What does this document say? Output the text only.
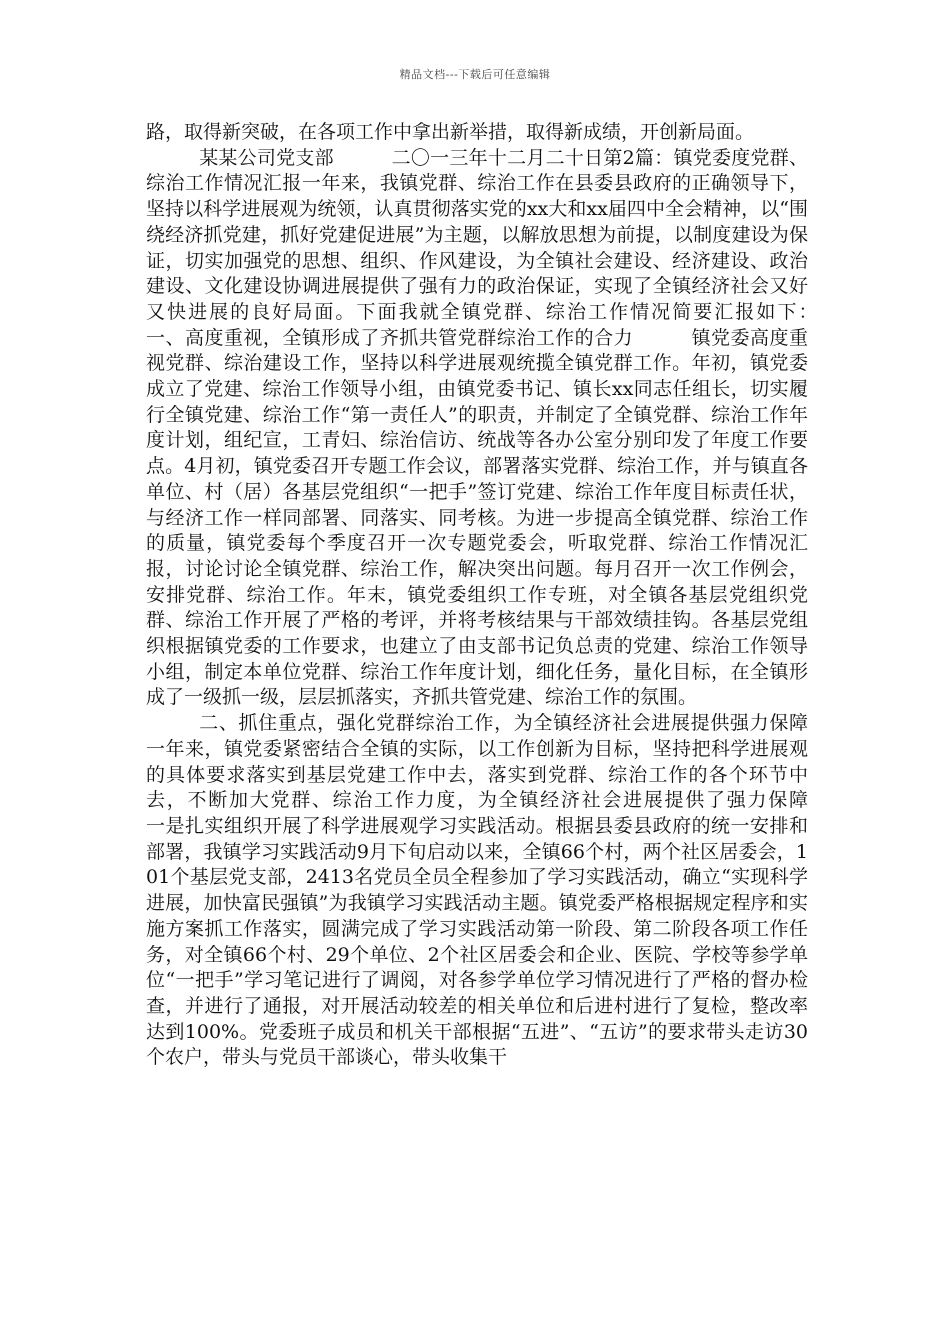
精品文档---下载后可任意编辑

路，取得新突破，在各项工作中拿出新举措，取得新成绩，开创新局面。

某某公司党支部　　　二〇一三年十二月二十日第2篇：镇党委度党群、综治工作情况汇报一年来，我镇党群、综治工作在县委县政府的正确领导下，坚持以科学进展观为统领，认真贯彻落实党的xx大和xx届四中全会精神，以“围绕经济抓党建，抓好党建促进展”为主题，以解放思想为前提，以制度建设为保证，切实加强党的思想、组织、作风建设，为全镇社会建设、经济建设、政治建设、文化建设协调进展提供了强有力的政治保证，实现了全镇经济社会又好又快进展的良好局面。下面我就全镇党群、综治工作情况简要汇报如下：　　　　一、高度重视，全镇形成了齐抓共管党群综治工作的合力　　　镇党委高度重视党群、综治建设工作，坚持以科学进展观统揽全镇党群工作。年初，镇党委成立了党建、综治工作领导小组，由镇党委书记、镇长xx同志任组长，切实履行全镇党建、综治工作“第一责任人”的职责，并制定了全镇党群、综治工作年度计划，组纪宣，工青妇、综治信访、统战等各办公室分别印发了年度工作要点。4月初，镇党委召开专题工作会议，部署落实党群、综治工作，并与镇直各单位、村（居）各基层党组织“一把手”签订党建、综治工作年度目标责任状，与经济工作一样同部署、同落实、同考核。为进一步提高全镇党群、综治工作的质量，镇党委每个季度召开一次专题党委会，听取党群、综治工作情况汇报，讨论讨论全镇党群、综治工作，解决突出问题。每月召开一次工作例会，安排党群、综治工作。年末，镇党委组织工作专班，对全镇各基层党组织党群、综治工作开展了严格的考评，并将考核结果与干部效绩挂钩。各基层党组织根据镇党委的工作要求，也建立了由支部书记负总责的党建、综治工作领导小组，制定本单位党群、综治工作年度计划，细化任务，量化目标，在全镇形成了一级抓一级，层层抓落实，齐抓共管党建、综治工作的氛围。

二、抓住重点，强化党群综治工作，为全镇经济社会进展提供强力保障　　　一年来，镇党委紧密结合全镇的实际，以工作创新为目标，坚持把科学进展观的具体要求落实到基层党建工作中去，落实到党群、综治工作的各个环节中去，不断加大党群、综治工作力度，为全镇经济社会进展提供了强力保障　　　一是扎实组织开展了科学进展观学习实践活动。根据县委县政府的统一安排和部署，我镇学习实践活动9月下旬启动以来，全镇66个村，两个社区居委会，101个基层党支部，2413名党员全员全程参加了学习实践活动，确立“实现科学进展，加快富民强镇”为我镇学习实践活动主题。镇党委严格根据规定程序和实施方案抓工作落实，圆满完成了学习实践活动第一阶段、第二阶段各项工作任务，对全镇66个村、29个单位、2个社区居委会和企业、医院、学校等参学单位“一把手”学习笔记进行了调阅，对各参学单位学习情况进行了严格的督办检查，并进行了通报，对开展活动较差的相关单位和后进村进行了复检，整改率达到100%。党委班子成员和机关干部根据“五进”、“五访”的要求带头走访30个农户，带头与党员干部谈心，带头收集干
